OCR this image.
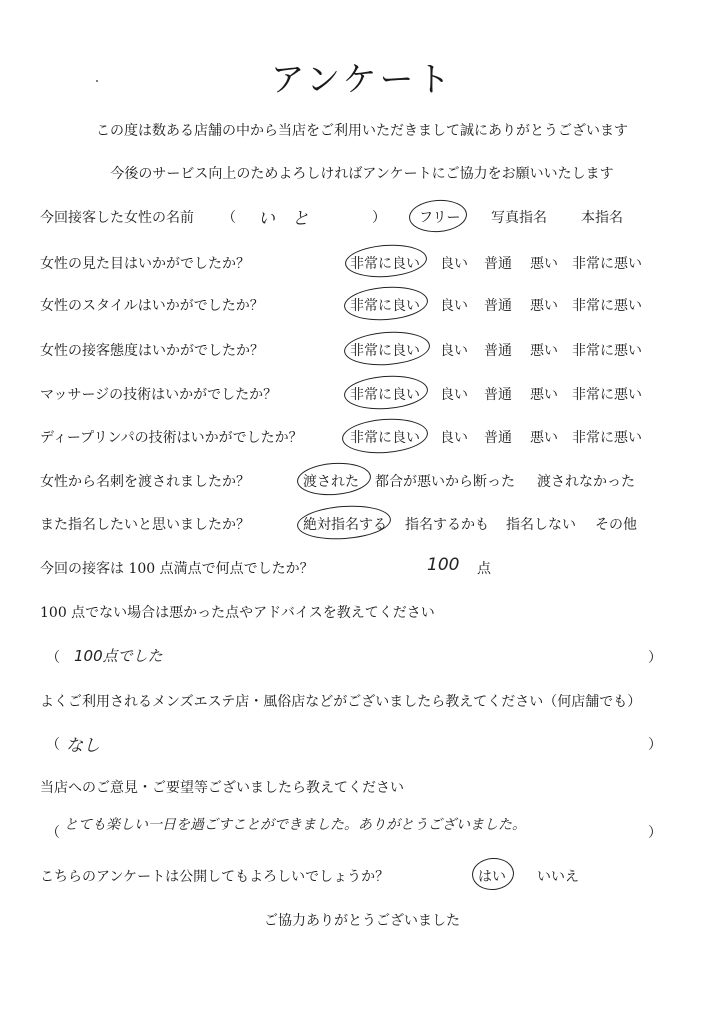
アンケート
この度は数ある店舗の中から当店をご利用いただきまして誠にありがとうございます
今後のサービス向上のためよろしければアンケートにご協力をお願いいたします
今回接客した女性の名前 （ い　と	） フリー 写真指名 本指名
女性の見た目はいかがでしたか？	非常に良い 良い 普通 悪い 非常に悪い
女性のスタイルはいかがでしたか？	非常に良い 良い 普通 悪い 非常に悪い
女性の接客態度はいかがでしたか？	非常に良い 良い 普通 悪い 非常に悪い
マッサージの技術はいかがでしたか？	非常に良い 良い 普通 悪い 非常に悪い
ディープリンパの技術はいかがでしたか？	非常に良い 良い 普通 悪い 非常に悪い
女性から名刺を渡されましたか？	渡された 都合が悪いから断った 渡されなかった
また指名したいと思いましたか？	絶対指名する 指名するかも 指名しない その他
今回の接客は 100 点満点で何点でしたか？	100 点
100 点でない場合は悪かった点やアドバイスを教えてください
（ 100点でした	）
よくご利用されるメンズエステ店・風俗店などがございましたら教えてください（何店舗でも）
（ なし	）
当店へのご意見・ご要望等ございましたら教えてください
（ とても楽しい一日を過ごすことができました。ありがとうございました。	）
こちらのアンケートは公開してもよろしいでしょうか？	はい いいえ
ご協力ありがとうございました
